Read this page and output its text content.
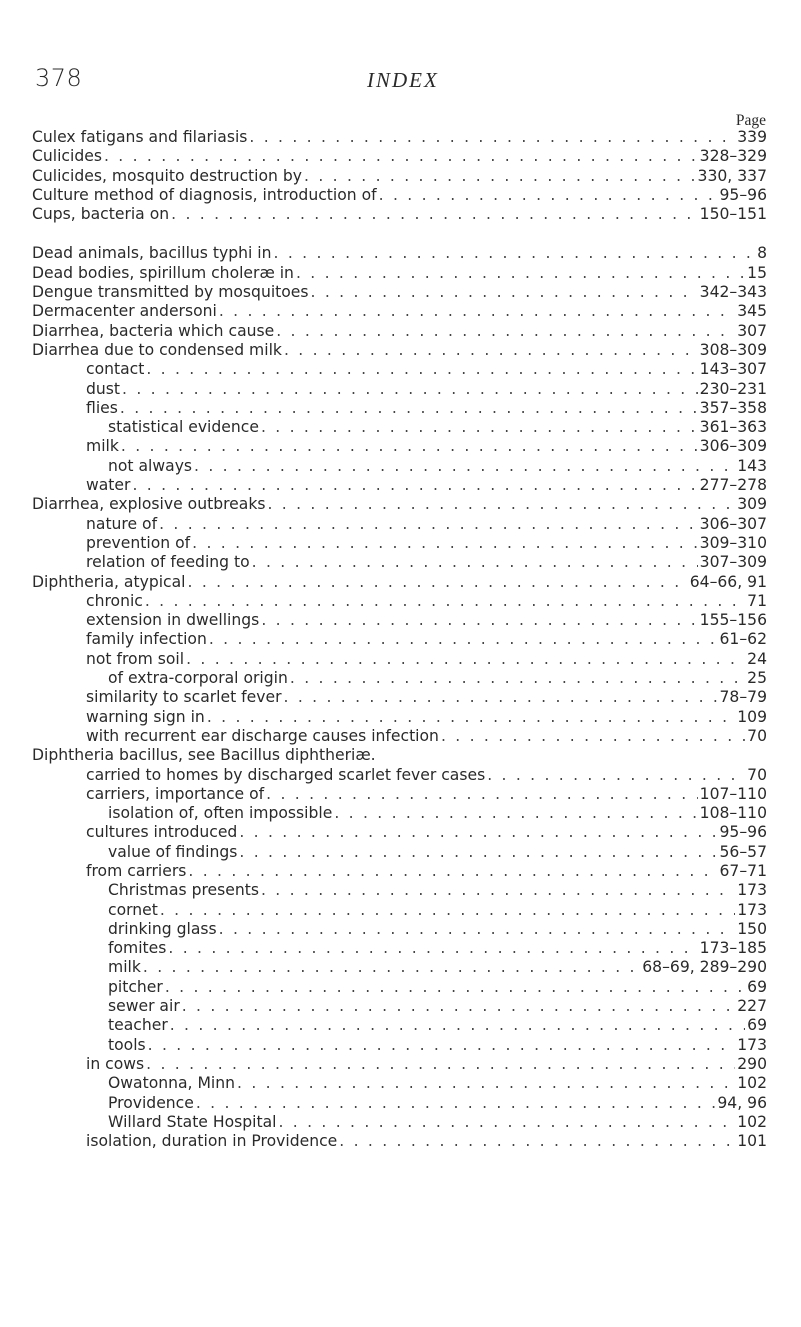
378	INDEX
Page
Culex fatigans and filariasis . . .	339
Culicides . . .	328–329
Culicides, mosquito destruction by . . .	330, 337
Culture method of diagnosis, introduction of . . .	95–96
Cups, bacteria on . . .	150–151
Dead animals, bacillus typhi in . . .	8
Dead bodies, spirillum choleræ in . . .	15
Dengue transmitted by mosquitoes . . .	342–343
Dermacenter andersoni . . .	345
Diarrhea, bacteria which cause . . .	307
Diarrhea due to condensed milk . . .	308–309
contact . . .	143–307
dust . . .	230–231
flies . . .	357–358
statistical evidence . . .	361–363
milk . . .	306–309
not always . . .	143
water . . .	277–278
Diarrhea, explosive outbreaks . . .	309
nature of . . .	306–307
prevention of . . .	309–310
relation of feeding to . . .	307–309
Diphtheria, atypical . . .	64–66, 91
chronic . . .	71
extension in dwellings . . .	155–156
family infection . . .	61–62
not from soil . . .	24
of extra-corporal origin . . .	25
similarity to scarlet fever . . .	78–79
warning sign in . . .	109
with recurrent ear discharge causes infection . . .	70
Diphtheria bacillus, see Bacillus diphtheriæ.
carried to homes by discharged scarlet fever cases . . .	70
carriers, importance of . . .	107–110
isolation of, often impossible . . .	108–110
cultures introduced . . .	95–96
value of findings . . .	56–57
from carriers . . .	67–71
Christmas presents . . .	173
cornet . . .	173
drinking glass . . .	150
fomites . . .	173–185
milk . . .	68–69, 289–290
pitcher . . .	69
sewer air . . .	227
teacher . . .	69
tools . . .	173
in cows . . .	290
Owatonna, Minn . . .	102
Providence . . .	94, 96
Willard State Hospital . . .	102
isolation, duration in Providence . . .	101
